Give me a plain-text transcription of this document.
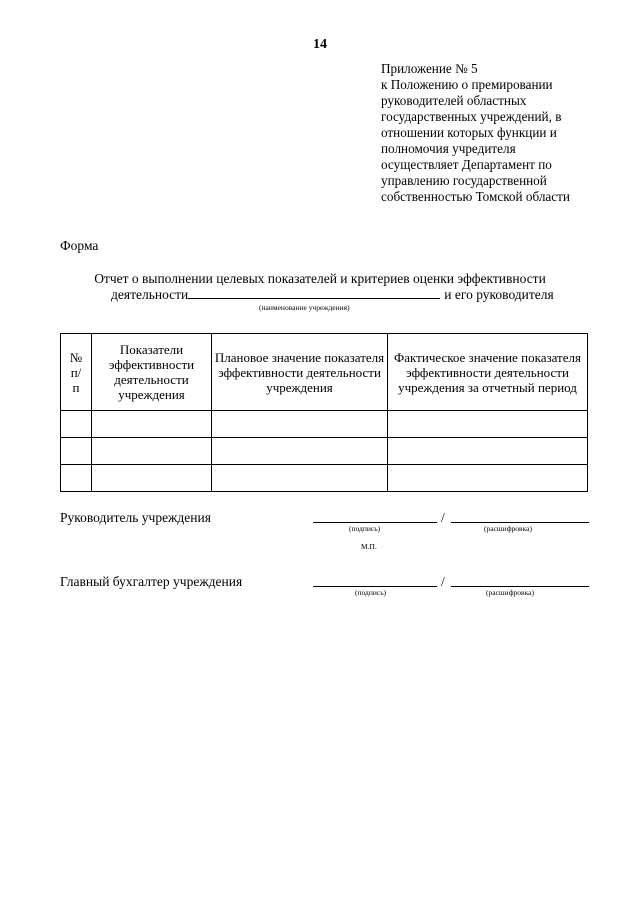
14
Приложение № 5
к Положению о премировании
руководителей областных
государственных учреждений, в
отношении которых функции и
полномочия учредителя
осуществляет Департамент по
управлению государственной
собственностью Томской области
Форма
Отчет о выполнении целевых показателей и критериев оценки эффективности
деятельности	и его руководителя
(наименование учреждения)
№ п/п	Показатели эффективности деятельности учреждения	Плановое значение показателя эффективности деятельности учреждения	Фактическое значение показателя эффективности деятельности учреждения за отчетный период

Руководитель учреждения	/
(подпись)	(расшифровка)
М.П.
Главный бухгалтер учреждения	/
(подпись)	(расшифровка)
